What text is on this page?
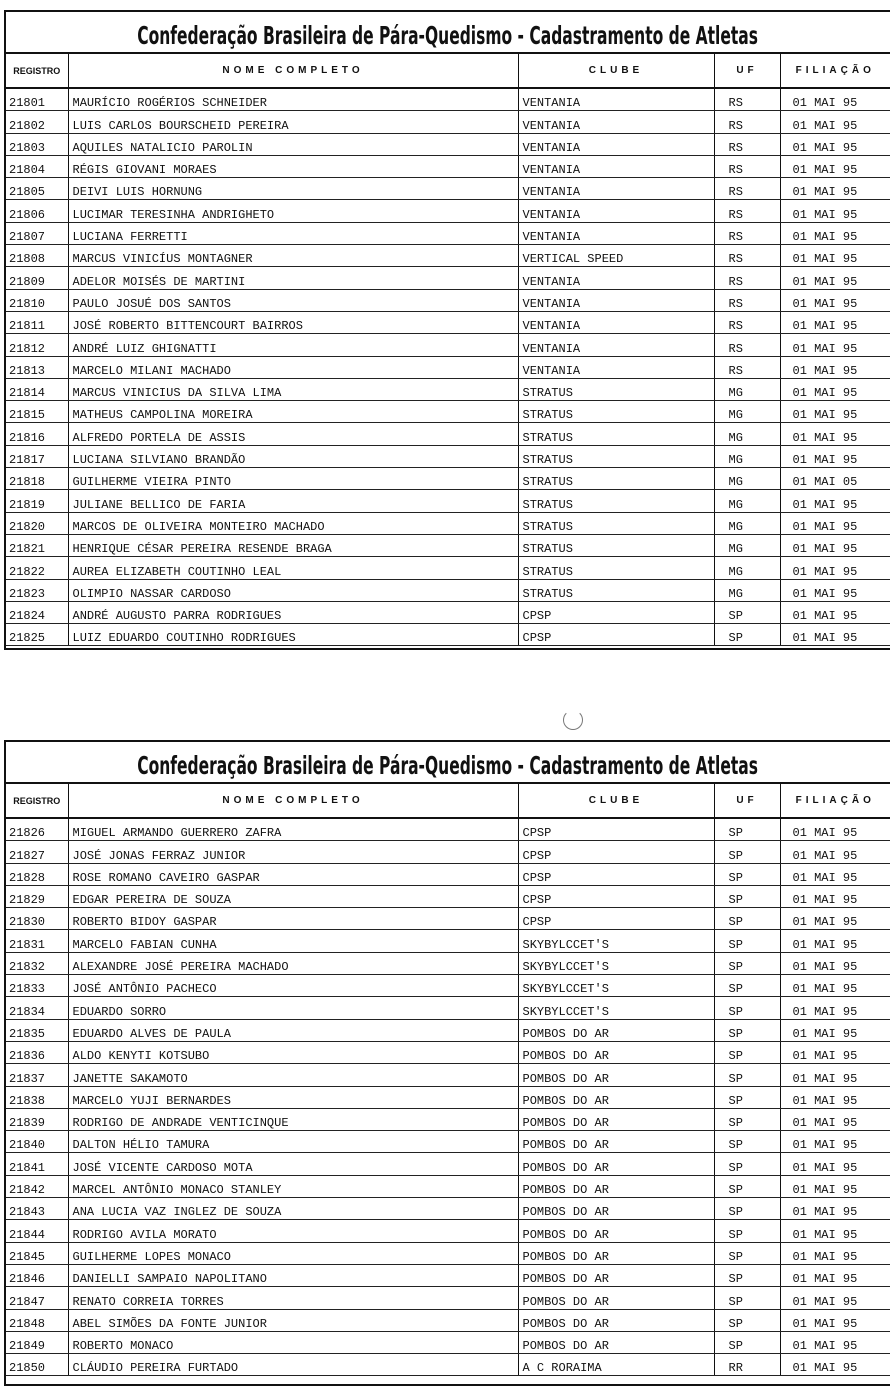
Confederação Brasileira de Pára-Quedismo - Cadastramento de Atletas
REGISTRO	NOME COMPLETO	CLUBE	UF	FILIAÇÃO
21801	MAURÍCIO ROGÉRIOS SCHNEIDER	VENTANIA	RS	01 MAI 95
21802	LUIS CARLOS BOURSCHEID PEREIRA	VENTANIA	RS	01 MAI 95
21803	AQUILES NATALICIO PAROLIN	VENTANIA	RS	01 MAI 95
21804	RÉGIS GIOVANI MORAES	VENTANIA	RS	01 MAI 95
21805	DEIVI LUIS HORNUNG	VENTANIA	RS	01 MAI 95
21806	LUCIMAR TERESINHA ANDRIGHETO	VENTANIA	RS	01 MAI 95
21807	LUCIANA FERRETTI	VENTANIA	RS	01 MAI 95
21808	MARCUS VINICÍUS MONTAGNER	VERTICAL SPEED	RS	01 MAI 95
21809	ADELOR MOISÉS DE MARTINI	VENTANIA	RS	01 MAI 95
21810	PAULO JOSUÉ DOS SANTOS	VENTANIA	RS	01 MAI 95
21811	JOSÉ ROBERTO BITTENCOURT BAIRROS	VENTANIA	RS	01 MAI 95
21812	ANDRÉ LUIZ GHIGNATTI	VENTANIA	RS	01 MAI 95
21813	MARCELO MILANI MACHADO	VENTANIA	RS	01 MAI 95
21814	MARCUS VINICIUS DA SILVA LIMA	STRATUS	MG	01 MAI 95
21815	MATHEUS CAMPOLINA MOREIRA	STRATUS	MG	01 MAI 95
21816	ALFREDO PORTELA DE ASSIS	STRATUS	MG	01 MAI 95
21817	LUCIANA SILVIANO BRANDÃO	STRATUS	MG	01 MAI 95
21818	GUILHERME VIEIRA PINTO	STRATUS	MG	01 MAI 05
21819	JULIANE BELLICO DE FARIA	STRATUS	MG	01 MAI 95
21820	MARCOS DE OLIVEIRA MONTEIRO MACHADO	STRATUS	MG	01 MAI 95
21821	HENRIQUE CÉSAR PEREIRA RESENDE BRAGA	STRATUS	MG	01 MAI 95
21822	AUREA ELIZABETH COUTINHO LEAL	STRATUS	MG	01 MAI 95
21823	OLIMPIO NASSAR CARDOSO	STRATUS	MG	01 MAI 95
21824	ANDRÉ AUGUSTO PARRA RODRIGUES	CPSP	SP	01 MAI 95
21825	LUIZ EDUARDO COUTINHO RODRIGUES	CPSP	SP	01 MAI 95
Confederação Brasileira de Pára-Quedismo - Cadastramento de Atletas
REGISTRO	NOME COMPLETO	CLUBE	UF	FILIAÇÃO
21826	MIGUEL ARMANDO GUERRERO ZAFRA	CPSP	SP	01 MAI 95
21827	JOSÉ JONAS FERRAZ JUNIOR	CPSP	SP	01 MAI 95
21828	ROSE ROMANO CAVEIRO GASPAR	CPSP	SP	01 MAI 95
21829	EDGAR PEREIRA DE SOUZA	CPSP	SP	01 MAI 95
21830	ROBERTO BIDOY GASPAR	CPSP	SP	01 MAI 95
21831	MARCELO FABIAN CUNHA	SKYBYLCCET'S	SP	01 MAI 95
21832	ALEXANDRE JOSÉ PEREIRA MACHADO	SKYBYLCCET'S	SP	01 MAI 95
21833	JOSÉ ANTÔNIO PACHECO	SKYBYLCCET'S	SP	01 MAI 95
21834	EDUARDO SORRO	SKYBYLCCET'S	SP	01 MAI 95
21835	EDUARDO ALVES DE PAULA	POMBOS DO AR	SP	01 MAI 95
21836	ALDO KENYTI KOTSUBO	POMBOS DO AR	SP	01 MAI 95
21837	JANETTE SAKAMOTO	POMBOS DO AR	SP	01 MAI 95
21838	MARCELO YUJI BERNARDES	POMBOS DO AR	SP	01 MAI 95
21839	RODRIGO DE ANDRADE VENTICINQUE	POMBOS DO AR	SP	01 MAI 95
21840	DALTON HÉLIO TAMURA	POMBOS DO AR	SP	01 MAI 95
21841	JOSÉ VICENTE CARDOSO MOTA	POMBOS DO AR	SP	01 MAI 95
21842	MARCEL ANTÔNIO MONACO STANLEY	POMBOS DO AR	SP	01 MAI 95
21843	ANA LUCIA VAZ INGLEZ DE SOUZA	POMBOS DO AR	SP	01 MAI 95
21844	RODRIGO AVILA MORATO	POMBOS DO AR	SP	01 MAI 95
21845	GUILHERME LOPES MONACO	POMBOS DO AR	SP	01 MAI 95
21846	DANIELLI SAMPAIO NAPOLITANO	POMBOS DO AR	SP	01 MAI 95
21847	RENATO CORREIA TORRES	POMBOS DO AR	SP	01 MAI 95
21848	ABEL SIMÕES DA FONTE JUNIOR	POMBOS DO AR	SP	01 MAI 95
21849	ROBERTO MONACO	POMBOS DO AR	SP	01 MAI 95
21850	CLÁUDIO PEREIRA FURTADO	A C RORAIMA	RR	01 MAI 95
